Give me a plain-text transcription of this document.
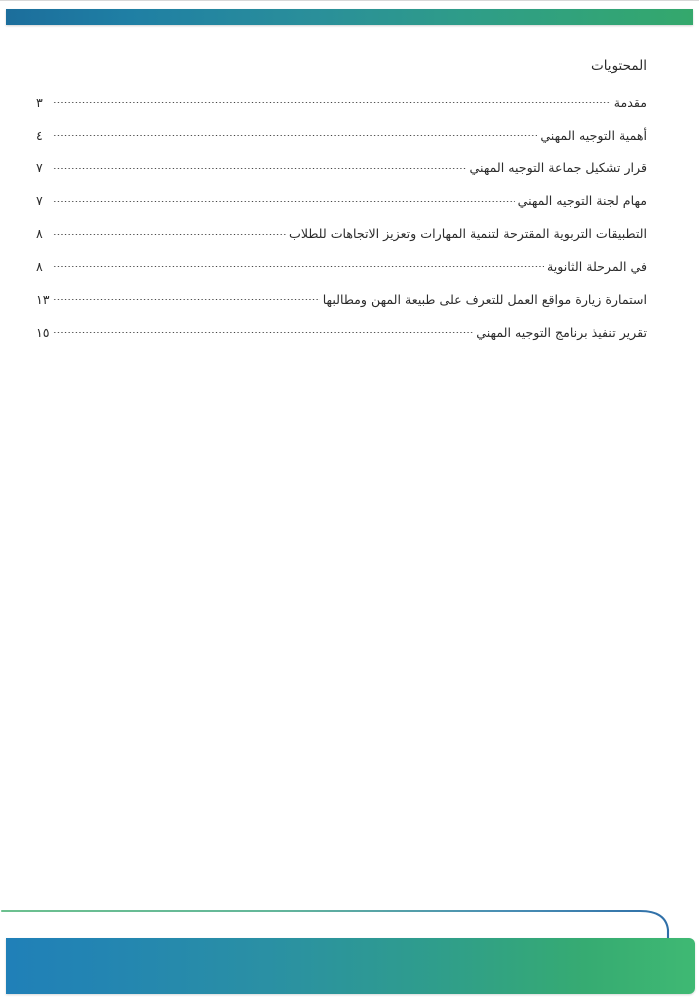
المحتويات
مقدمة
٣
أهمية التوجيه المهني
٤
قرار تشكيل جماعة التوجيه المهني
٧
مهام لجنة التوجيه المهني
٧
التطبيقات التربوية المقترحة لتنمية المهارات وتعزيز الاتجاهات للطلاب
٨
في المرحلة الثانوية
٨
استمارة زيارة مواقع العمل للتعرف على طبيعة المهن ومطالبها
١٣
تقرير تنفيذ برنامج التوجيه المهني
١٥
